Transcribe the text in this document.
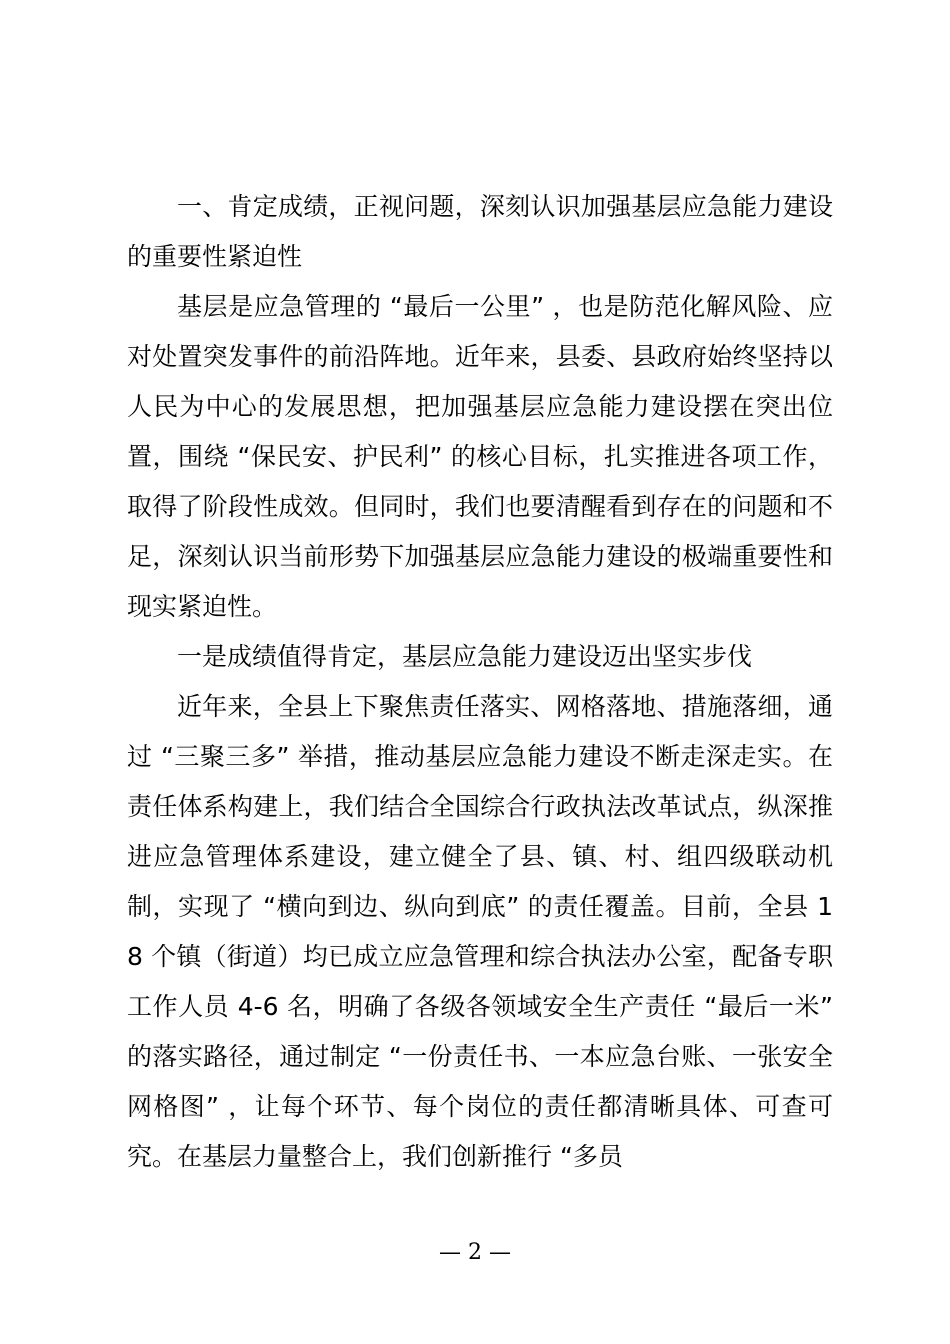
一、肯定成绩，正视问题，深刻认识加强基层应急能力建设的重要性紧迫性

基层是应急管理的 “最后一公里” ，也是防范化解风险、应对处置突发事件的前沿阵地。近年来，县委、县政府始终坚持以人民为中心的发展思想，把加强基层应急能力建设摆在突出位置，围绕 “保民安、护民利” 的核心目标，扎实推进各项工作，取得了阶段性成效。但同时，我们也要清醒看到存在的问题和不足，深刻认识当前形势下加强基层应急能力建设的极端重要性和现实紧迫性。

一是成绩值得肯定，基层应急能力建设迈出坚实步伐

近年来，全县上下聚焦责任落实、网格落地、措施落细，通过 “三聚三多” 举措，推动基层应急能力建设不断走深走实。在责任体系构建上，我们结合全国综合行政执法改革试点，纵深推进应急管理体系建设，建立健全了县、镇、村、组四级联动机制，实现了 “横向到边、纵向到底” 的责任覆盖。目前，全县 18 个镇（街道）均已成立应急管理和综合执法办公室，配备专职工作人员 4-6 名，明确了各级各领域安全生产责任 “最后一米” 的落实路径，通过制定 “一份责任书、一本应急台账、一张安全网格图” ，让每个环节、每个岗位的责任都清晰具体、可查可究。在基层力量整合上，我们创新推行 “多员

— 2 —
